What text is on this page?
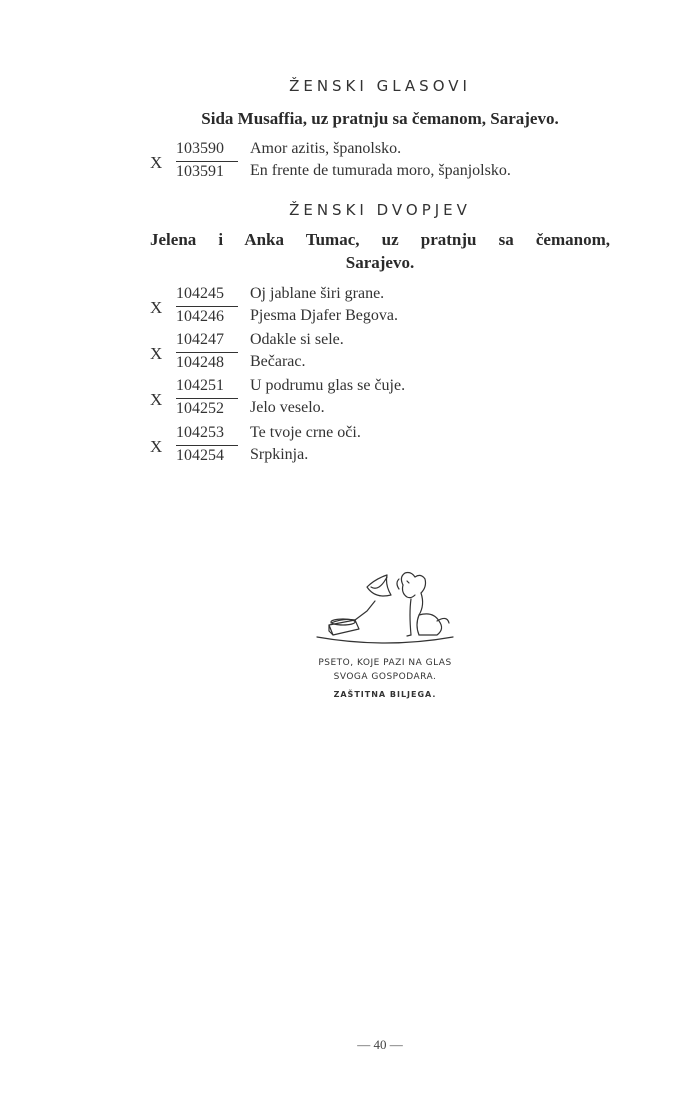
ŽENSKI GLASOVI
Sida Musaffia, uz pratnju sa čemanom, Sarajevo.
X
103590
103591
Amor azitis, španolsko.
En frente de tumurada moro, španjolsko.
ŽENSKI DVOPJEV
Jelena i Anka Tumac, uz pratnju sa čemanom,
Sarajevo.
X
104245
104246
Oj jablane širi grane.
Pjesma Djafer Begova.
X
104247
104248
Odakle si sele.
Bečarac.
X
104251
104252
U podrumu glas se čuje.
Jelo veselo.
X
104253
104254
Te tvoje crne oči.
Srpkinja.
PSETO, KOJE PAZI NA GLAS
SVOGA GOSPODARA.
ZAŠTITNA BILJEGA.
— 40 —
